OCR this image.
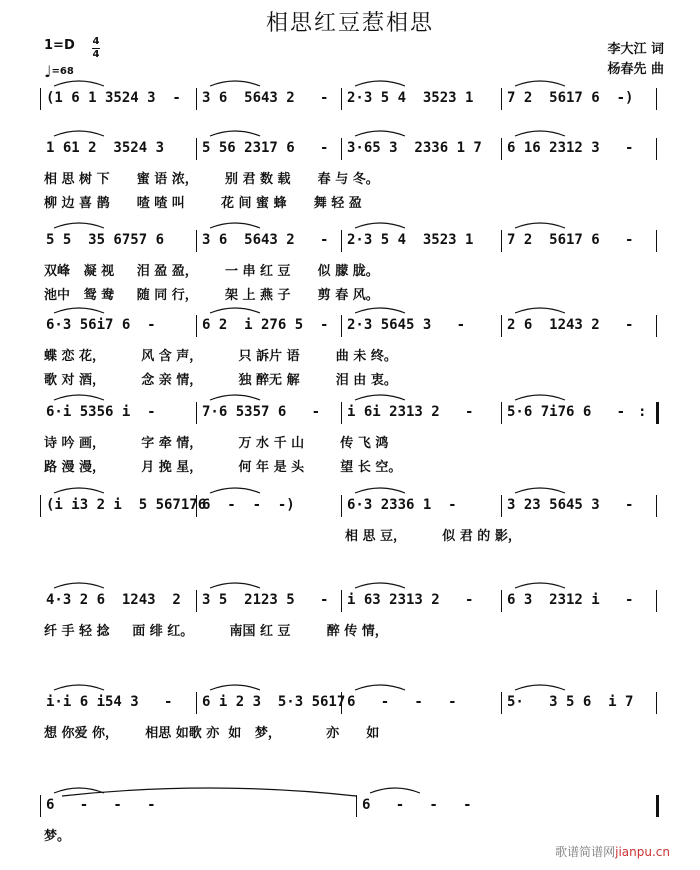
相思红豆惹相思
1=D 4
4
♩=68
李大江 词
杨春先 曲
(1 6 1 3524 3  - 3 6  5643 2   - 2·3 5 4  3523 1 7 2  5617 6  -)
1 61 2  3524 3	5 56 2317 6   - 3·65 3  2336 1 7 6 16 2312 3   -
相 思 树 下      蜜 语 浓，      别 君 数 载      春 与 冬。
柳 边 喜 鹊      喳 喳 叫        花 间 蜜 蜂      舞 轻 盈
5 5  35 6757 6	3 6  5643 2   - 2·3 5 4  3523 1 7 2  5617 6   -
双峰   凝 视     泪 盈 盈，      一 串 红 豆      似 朦 胧。
池中   鸳 鸯     随 同 行，      架 上 燕 子      剪 春 风。
6·3 56i7 6  -	6 2  i 276 5  - 2·3 5645 3   -	2 6  1243 2   -
蝶 恋 花，        风 含 声，        只 訴片 语        曲 未 终。
歌 对 酒，        念 亲 情，        独 醉无 解        泪 由 衷。
6·i 5356 i  -	7·6 5357 6   - i 6i 2313 2   - 5·6 7i76 6   -
诗 吟 画，        字 牵 情，        万 水 千 山        传 飞 鸿
路 漫 漫，        月 挽 星，        何 年 是 头        望 长 空。
:
(i i3 2 i  5 567176
6  -  -  -)	6·3 2336 1  -	3 23 5645 3   -
相 思 豆，        似 君 的 影，
4·3 2 6  1243  2 3 5  2123 5   - i 63 2313 2   - 6 3  2312 i   -
纤 手 轻 捻     面 绯 红。        南国 红 豆        醉 传 情，
i·i 6 i54 3   - 6 i 2 3  5·3 5617 6   -   -   -	5·   3 5 6  i 7
想 你爱 你，      相思 如歌 亦  如   梦，          亦      如
6   -   -   -	6   -   -   -
梦。
歌谱简谱网jianpu.cn
